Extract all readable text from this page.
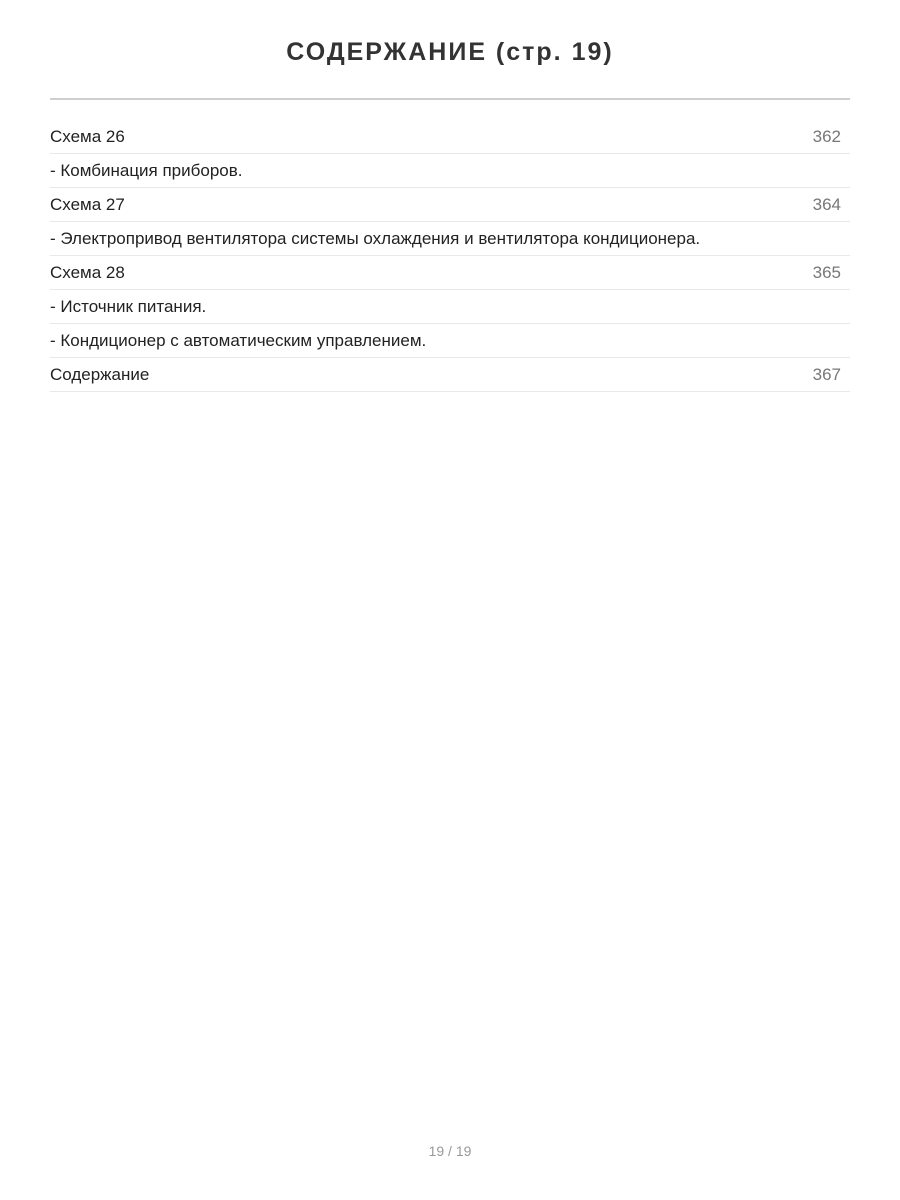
СОДЕРЖАНИЕ (стр. 19)
Схема 26	362
- Комбинация приборов.
Схема 27	364
- Электропривод вентилятора системы охлаждения и вентилятора кондиционера.
Схема 28	365
- Источник питания.
- Кондиционер с автоматическим управлением.
Содержание	367
19 / 19
